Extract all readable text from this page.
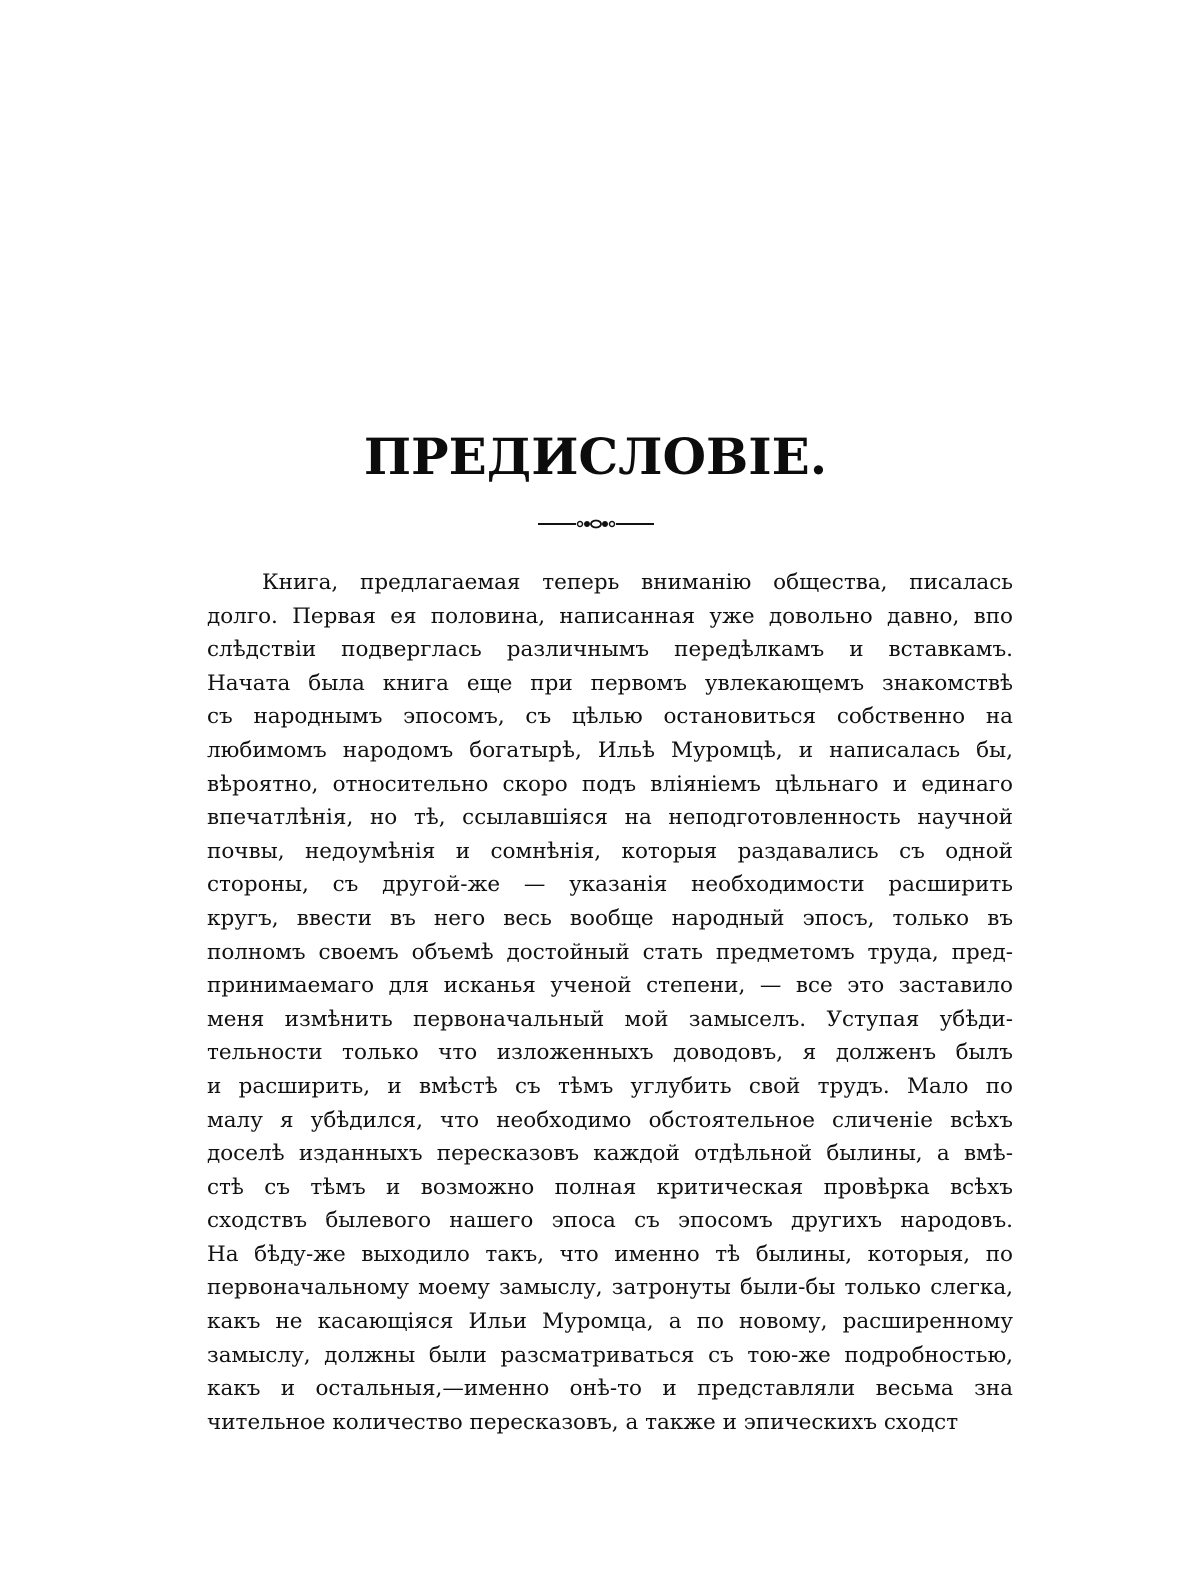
ПРЕДИСЛОВІЕ.
Книга, предлагаемая теперь вниманію общества, писалась
долго. Первая ея половина, написанная уже довольно давно, впо
слѣдствіи подверглась различнымъ передѣлкамъ и вставкамъ.
Начата была книга еще при первомъ увлекающемъ знакомствѣ
съ народнымъ эпосомъ, съ цѣлью остановиться собственно на
любимомъ народомъ богатырѣ, Ильѣ Муромцѣ, и написалась бы,
вѣроятно, относительно скоро подъ вліяніемъ цѣльнаго и единаго
впечатлѣнія, но тѣ, ссылавшіяся на неподготовленность научной
почвы, недоумѣнія и сомнѣнія, которыя раздавались съ одной
стороны, съ другой-же — указанія необходимости расширить
кругъ, ввести въ него весь вообще народный эпосъ, только въ
полномъ своемъ объемѣ достойный стать предметомъ труда, пред-
принимаемаго для исканья ученой степени, — все это заставило
меня измѣнить первоначальный мой замыселъ. Уступая убѣди-
тельности только что изложенныхъ доводовъ, я долженъ былъ
и расширить, и вмѣстѣ съ тѣмъ углубить свой трудъ. Мало по
малу я убѣдился, что необходимо обстоятельное сличеніе всѣхъ
доселѣ изданныхъ пересказовъ каждой отдѣльной былины, а вмѣ-
стѣ съ тѣмъ и возможно полная критическая провѣрка всѣхъ
сходствъ былевого нашего эпоса съ эпосомъ другихъ народовъ.
На бѣду-же выходило такъ, что именно тѣ былины, которыя, по
первоначальному моему замыслу, затронуты были-бы только слегка,
какъ не касающіяся Ильи Муромца, а по новому, расширенному
замыслу, должны были разсматриваться съ тою-же подробностью,
какъ и остальныя,—именно онѣ-то и представляли весьма зна
чительное количество пересказовъ, а также и эпическихъ сходст
